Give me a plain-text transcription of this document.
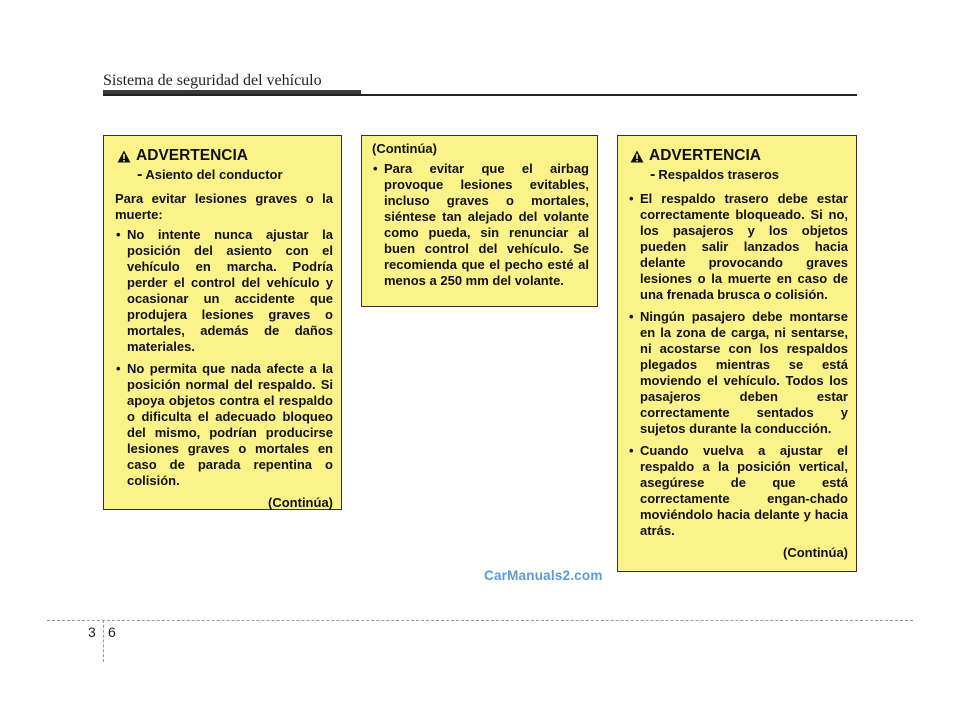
Sistema de seguridad del vehículo
ADVERTENCIA
- Asiento del conductor

Para evitar lesiones graves o la muerte:

• No intente nunca ajustar la posición del asiento con el vehículo en marcha. Podría perder el control del vehículo y ocasionar un accidente que produjera lesiones graves o mortales, además de daños materiales.
• No permita que nada afecte a la posición normal del respaldo. Si apoya objetos contra el respaldo o dificulta el adecuado bloqueo del mismo, podrían producirse lesiones graves o mortales en caso de parada repentina o colisión.
(Continúa)

(Continúa)

• Para evitar que el airbag provoque lesiones evitables, incluso graves o mortales, siéntese tan alejado del volante como pueda, sin renunciar al buen control del vehículo. Se recomienda que el pecho esté al menos a 250 mm del volante.
ADVERTENCIA
- Respaldos traseros
• El respaldo trasero debe estar correctamente bloqueado. Si no, los pasajeros y los objetos pueden salir lanzados hacia delante provocando graves lesiones o la muerte en caso de una frenada brusca o colisión.
• Ningún pasajero debe montarse en la zona de carga, ni sentarse, ni acostarse con los respaldos plegados mientras se está moviendo el vehículo. Todos los pasajeros deben estar correctamente sentados y sujetos durante la conducción.
• Cuando vuelva a ajustar el respaldo a la posición vertical, asegúrese de que está correctamente engan-chado moviéndolo hacia delante y hacia atrás.
(Continúa)
CarManuals2.com
3 6
